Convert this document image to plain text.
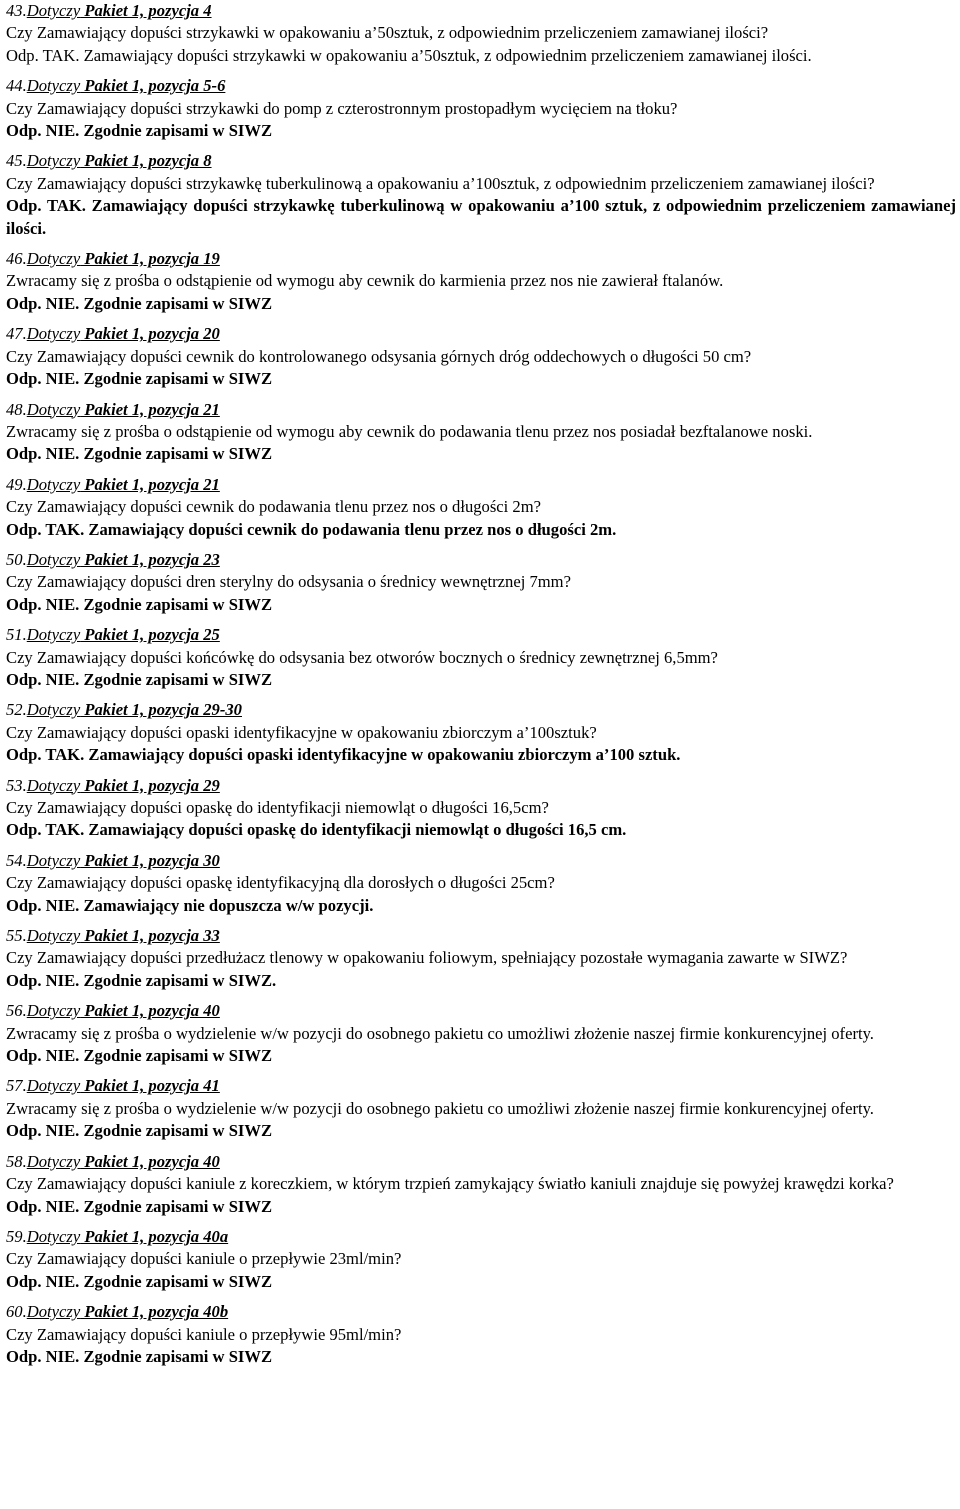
43.Dotyczy Pakiet 1, pozycja 4
Czy Zamawiający dopuści strzykawki w opakowaniu a’50sztuk, z odpowiednim przeliczeniem zamawianej ilości?
Odp. TAK. Zamawiający dopuści strzykawki w opakowaniu a’50sztuk, z odpowiednim przeliczeniem zamawianej ilości.
44.Dotyczy Pakiet 1, pozycja 5-6
Czy Zamawiający dopuści strzykawki do pomp z czterostronnym prostopadłym wycięciem na tłoku?
Odp. NIE. Zgodnie zapisami w SIWZ
45.Dotyczy Pakiet 1, pozycja 8
Czy Zamawiający dopuści strzykawkę tuberkulinową a opakowaniu a’100sztuk, z odpowiednim przeliczeniem zamawianej ilości?
Odp. TAK. Zamawiający dopuści strzykawkę tuberkulinową w opakowaniu a’100 sztuk, z odpowiednim przeliczeniem zamawianej ilości.
46.Dotyczy Pakiet 1, pozycja 19
Zwracamy się z prośba o odstąpienie od wymogu aby cewnik do karmienia przez nos nie zawierał ftalanów.
Odp. NIE. Zgodnie zapisami w SIWZ
47.Dotyczy Pakiet 1, pozycja 20
Czy Zamawiający dopuści cewnik do kontrolowanego odsysania górnych dróg oddechowych o długości 50 cm?
Odp. NIE. Zgodnie zapisami w SIWZ
48.Dotyczy Pakiet 1, pozycja 21
Zwracamy się z prośba o odstąpienie od wymogu aby cewnik do podawania tlenu przez nos posiadał bezftalanowe noski.
Odp. NIE. Zgodnie zapisami w SIWZ
49.Dotyczy Pakiet 1, pozycja 21
Czy Zamawiający dopuści cewnik do podawania tlenu przez nos o długości 2m?
Odp. TAK. Zamawiający dopuści cewnik do podawania tlenu przez nos o długości 2m.
50.Dotyczy Pakiet 1, pozycja 23
Czy Zamawiający dopuści dren sterylny do odsysania o średnicy wewnętrznej 7mm?
Odp. NIE. Zgodnie zapisami w SIWZ
51.Dotyczy Pakiet 1, pozycja 25
Czy Zamawiający dopuści końcówkę do odsysania bez otworów bocznych o średnicy zewnętrznej 6,5mm?
Odp. NIE. Zgodnie zapisami w SIWZ
52.Dotyczy Pakiet 1, pozycja 29-30
Czy Zamawiający dopuści opaski identyfikacyjne w opakowaniu zbiorczym a’100sztuk?
Odp. TAK. Zamawiający dopuści opaski identyfikacyjne w opakowaniu zbiorczym a’100 sztuk.
53.Dotyczy Pakiet 1, pozycja 29
Czy Zamawiający dopuści opaskę do identyfikacji niemowląt o długości 16,5cm?
Odp. TAK. Zamawiający dopuści opaskę do identyfikacji niemowląt o długości 16,5 cm.
54.Dotyczy Pakiet 1, pozycja 30
Czy Zamawiający dopuści opaskę identyfikacyjną dla dorosłych o długości 25cm?
Odp. NIE. Zamawiający nie dopuszcza w/w pozycji.
55.Dotyczy Pakiet 1, pozycja 33
Czy Zamawiający dopuści przedłużacz tlenowy w opakowaniu foliowym, spełniający pozostałe wymagania zawarte w SIWZ?
Odp. NIE. Zgodnie zapisami w SIWZ.
56.Dotyczy Pakiet 1, pozycja 40
Zwracamy się z prośba o wydzielenie w/w pozycji do osobnego pakietu co umożliwi złożenie naszej firmie konkurencyjnej oferty.
Odp. NIE. Zgodnie zapisami w SIWZ
57.Dotyczy Pakiet 1, pozycja 41
Zwracamy się z prośba o wydzielenie w/w pozycji do osobnego pakietu co umożliwi złożenie naszej firmie konkurencyjnej oferty.
Odp. NIE. Zgodnie zapisami w SIWZ
58.Dotyczy Pakiet 1, pozycja 40
Czy Zamawiający dopuści kaniule z koreczkiem, w którym trzpień zamykający światło kaniuli znajduje się powyżej krawędzi korka?
Odp. NIE. Zgodnie zapisami w SIWZ
59.Dotyczy Pakiet 1, pozycja 40a
Czy Zamawiający dopuści kaniule o przepływie 23ml/min?
Odp. NIE. Zgodnie zapisami w SIWZ
60.Dotyczy Pakiet 1, pozycja 40b
Czy Zamawiający dopuści kaniule o przepływie 95ml/min?
Odp. NIE. Zgodnie zapisami w SIWZ
